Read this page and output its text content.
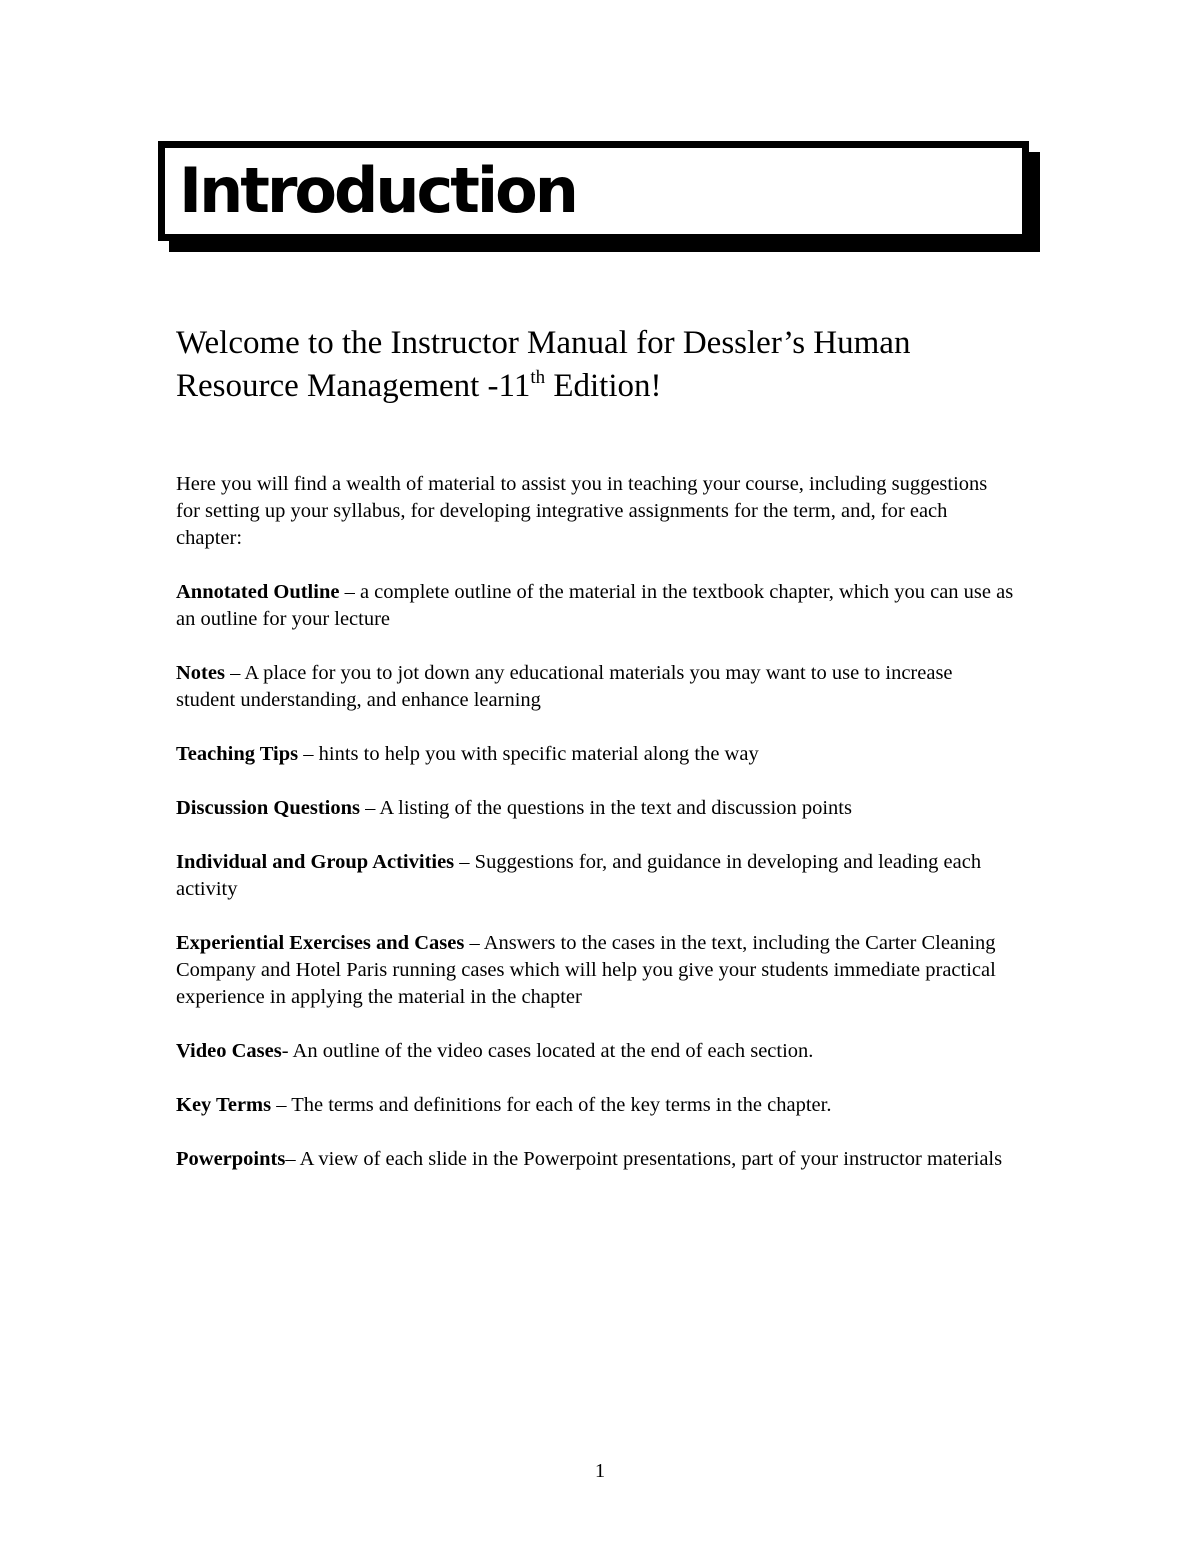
Introduction
Welcome to the Instructor Manual for Dessler’s Human
Resource Management -11th Edition!

Here you will find a wealth of material to assist you in teaching your course, including suggestions for setting up your syllabus, for developing integrative assignments for the term, and, for each chapter:

Annotated Outline – a complete outline of the material in the textbook chapter, which you can use as an outline for your lecture

Notes – A place for you to jot down any educational materials you may want to use to increase student understanding, and enhance learning

Teaching Tips – hints to help you with specific material along the way

Discussion Questions – A listing of the questions in the text and discussion points

Individual and Group Activities – Suggestions for, and guidance in developing and leading each activity

Experiential Exercises and Cases – Answers to the cases in the text, including the Carter Cleaning Company and Hotel Paris running cases which will help you give your students immediate practical experience in applying the material in the chapter

Video Cases- An outline of the video cases located at the end of each section.

Key Terms – The terms and definitions for each of the key terms in the chapter.

Powerpoints– A view of each slide in the Powerpoint presentations, part of your instructor materials

1
